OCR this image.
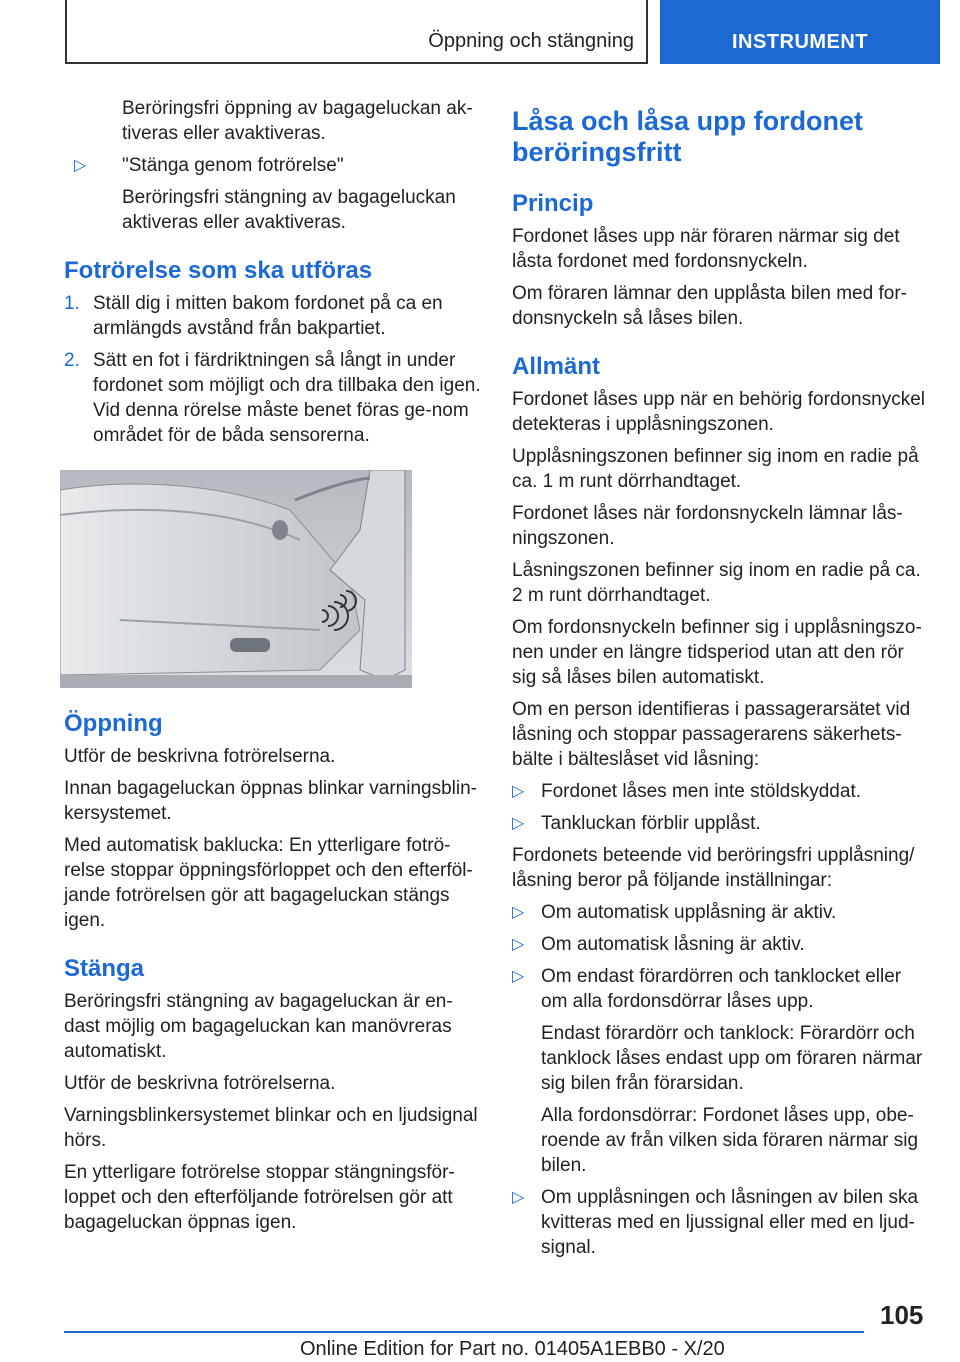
Öppning och stängning	INSTRUMENT

Beröringsfri öppning av bagageluckan ak-tiveras eller avaktiveras.

▷ "Stänga genom fotrörelse"

Beröringsfri stängning av bagageluckan aktiveras eller avaktiveras.

Fotrörelse som ska utföras
1. Ställ dig i mitten bakom fordonet på ca en armlängds avstånd från bakpartiet.
2. Sätt en fot i färdriktningen så långt in under fordonet som möjligt och dra tillbaka den igen. Vid denna rörelse måste benet föras ge-nom området för de båda sensorerna.
Öppning

Utför de beskrivna fotrörelserna.

Innan bagageluckan öppnas blinkar varningsblin-kersystemet.

Med automatisk baklucka: En ytterligare fotrö-relse stoppar öppningsförloppet och den efterföl-jande fotrörelsen gör att bagageluckan stängs igen.

Stänga

Beröringsfri stängning av bagageluckan är en-dast möjlig om bagageluckan kan manövreras automatiskt.

Utför de beskrivna fotrörelserna.

Varningsblinkersystemet blinkar och en ljudsignal hörs.

En ytterligare fotrörelse stoppar stängningsför-loppet och den efterföljande fotrörelsen gör att bagageluckan öppnas igen.

Låsa och låsa upp fordonet beröringsfritt
Princip

Fordonet låses upp när föraren närmar sig det låsta fordonet med fordonsnyckeln.

Om föraren lämnar den upplåsta bilen med for-donsnyckeln så låses bilen.

Allmänt

Fordonet låses upp när en behörig fordonsnyckel detekteras i upplåsningszonen.

Upplåsningszonen befinner sig inom en radie på ca. 1 m runt dörrhandtaget.

Fordonet låses när fordonsnyckeln lämnar lås-ningszonen.

Låsningszonen befinner sig inom en radie på ca. 2 m runt dörrhandtaget.

Om fordonsnyckeln befinner sig i upplåsningszo-nen under en längre tidsperiod utan att den rör sig så låses bilen automatiskt.

Om en person identifieras i passagerarsätet vid låsning och stoppar passagerarens säkerhets-bälte i bälteslåset vid låsning:

▷ Fordonet låses men inte stöldskyddat.
▷ Tankluckan förblir upplåst.

Fordonets beteende vid beröringsfri upplåsning/ låsning beror på följande inställningar:

▷ Om automatisk upplåsning är aktiv.
▷ Om automatisk låsning är aktiv.
▷ Om endast förardörren och tanklocket eller om alla fordonsdörrar låses upp.

Endast förardörr och tanklock: Förardörr och tanklock låses endast upp om föraren närmar sig bilen från förarsidan.

Alla fordonsdörrar: Fordonet låses upp, obe-roende av från vilken sida föraren närmar sig bilen.

▷ Om upplåsningen och låsningen av bilen ska kvitteras med en ljussignal eller med en ljud-signal.
105
Online Edition for Part no. 01405A1EBB0 - X/20
